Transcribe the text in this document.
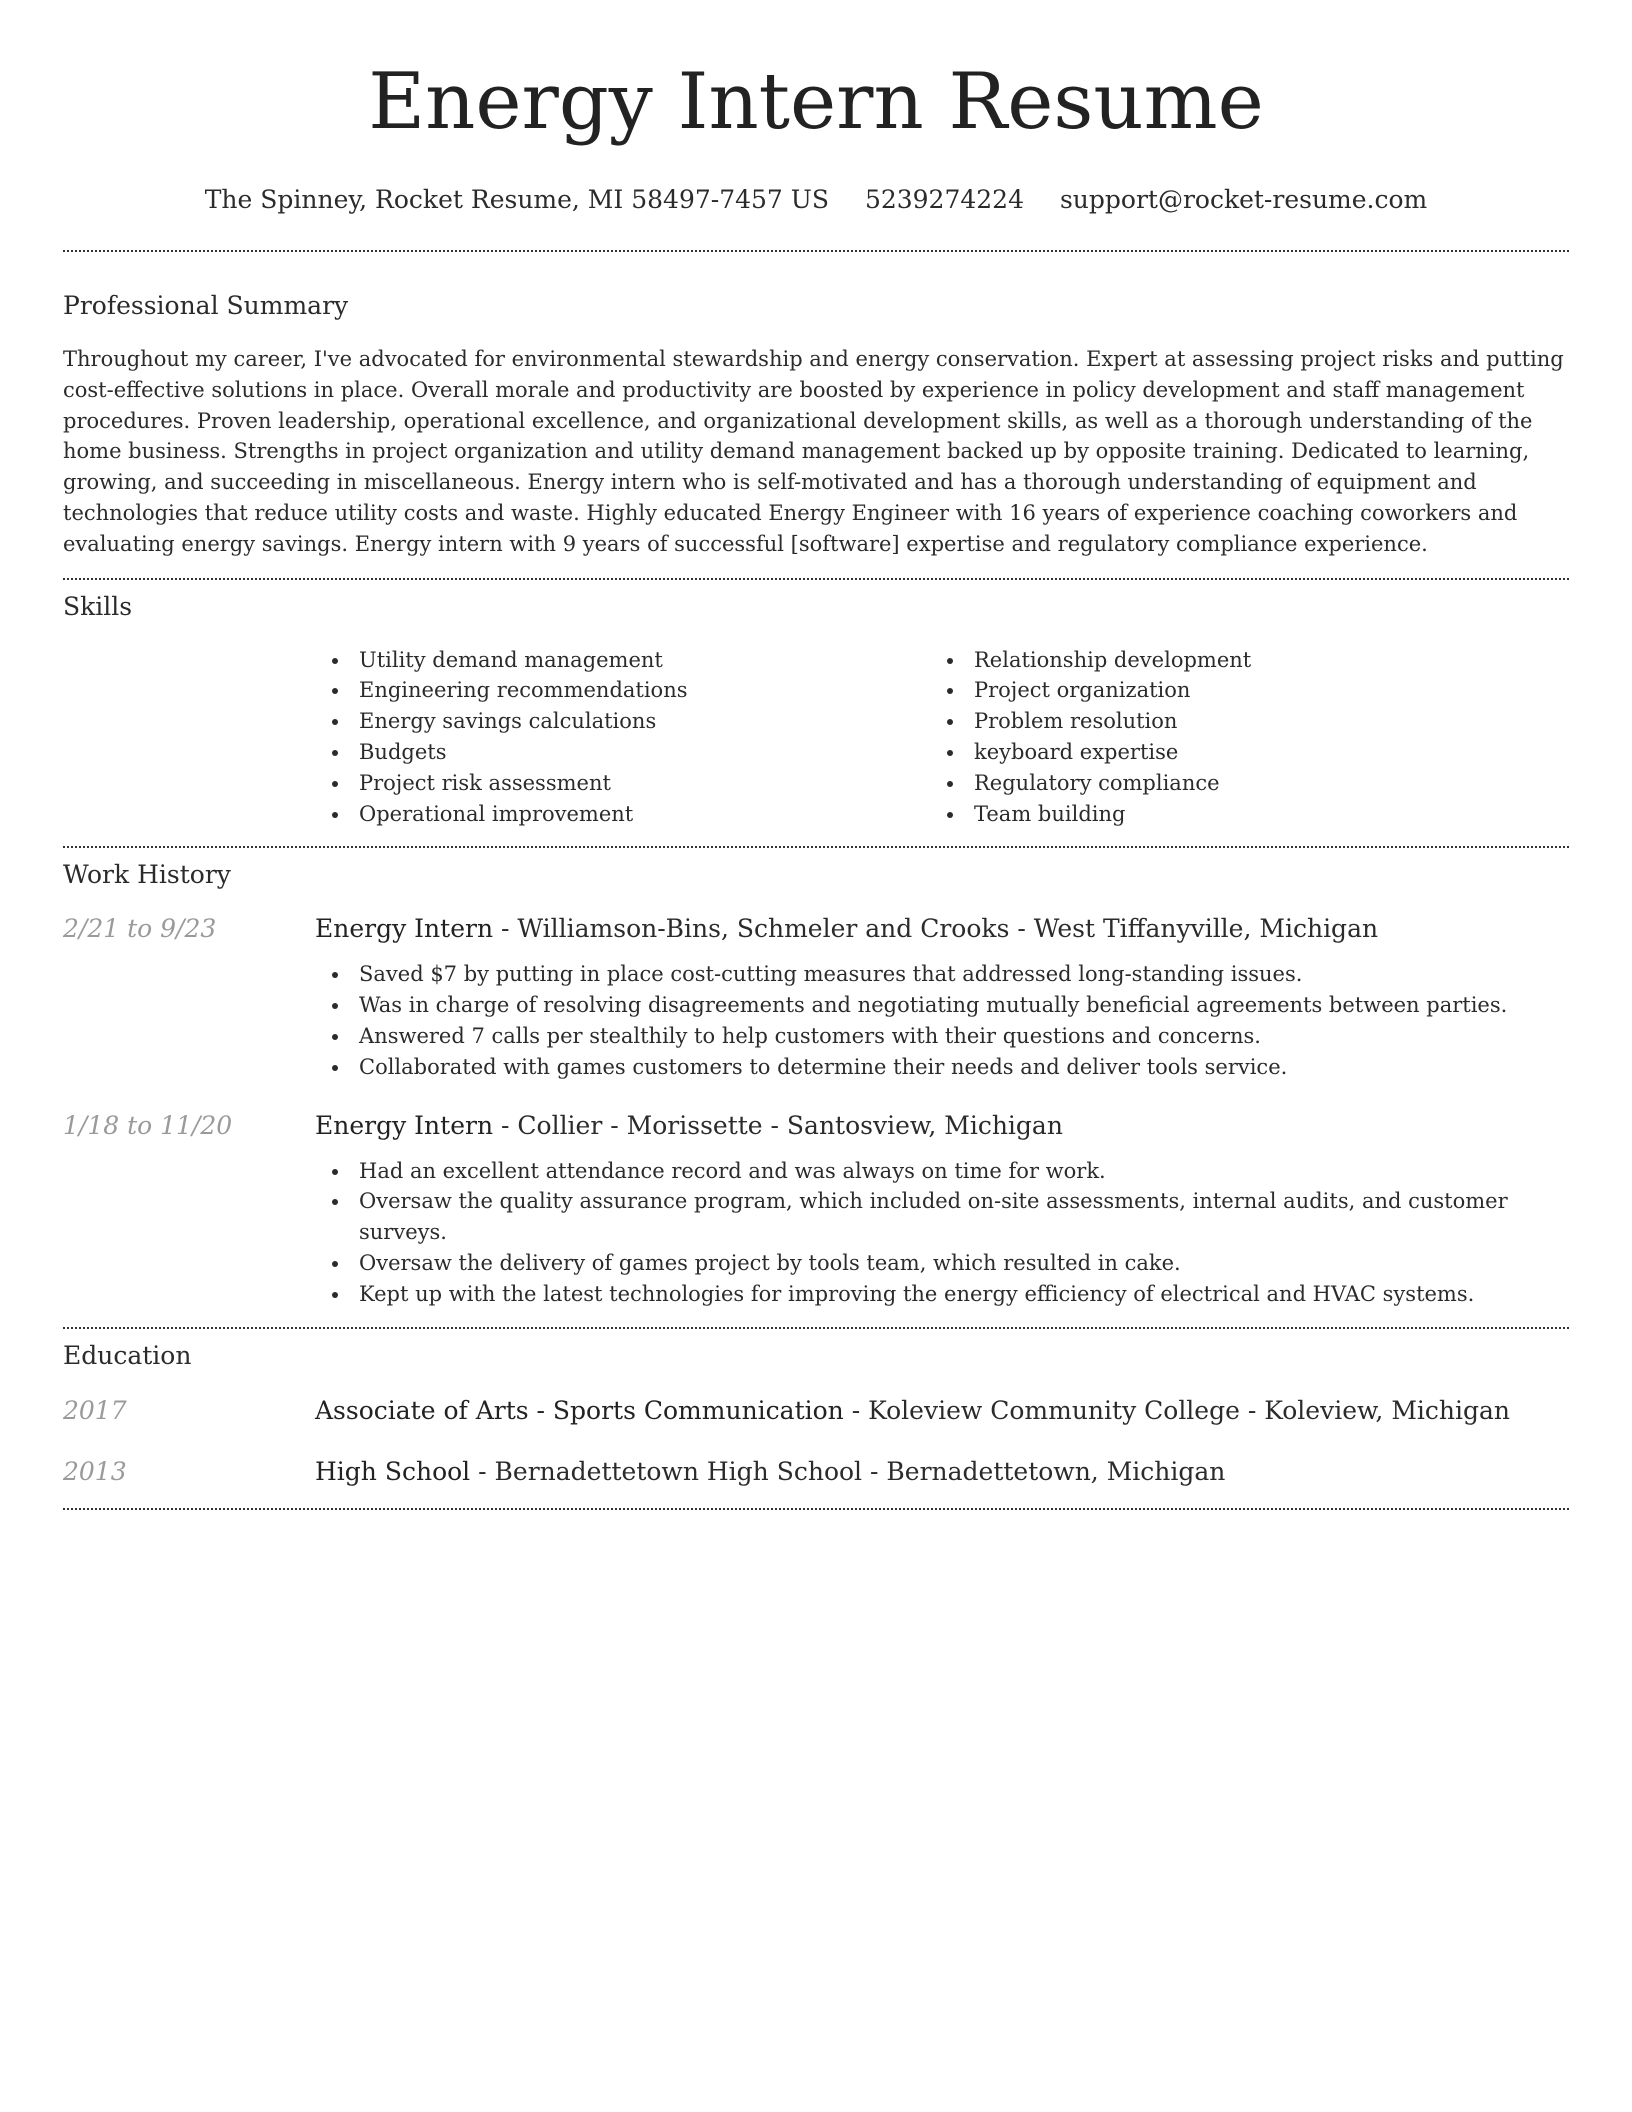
Energy Intern Resume
The Spinney, Rocket Resume, MI 58497-7457 US 5239274224 support@rocket-resume.com
Professional Summary

Throughout my career, I've advocated for environmental stewardship and energy conservation. Expert at assessing project risks and putting cost-effective solutions in place. Overall morale and productivity are boosted by experience in policy development and staff management procedures. Proven leadership, operational excellence, and organizational development skills, as well as a thorough understanding of the home business. Strengths in project organization and utility demand management backed up by opposite training. Dedicated to learning, growing, and succeeding in miscellaneous. Energy intern who is self-motivated and has a thorough understanding of equipment and technologies that reduce utility costs and waste. Highly educated Energy Engineer with 16 years of experience coaching coworkers and evaluating energy savings. Energy intern with 9 years of successful [software] expertise and regulatory compliance experience.

Skills
Utility demand management
Engineering recommendations
Energy savings calculations
Budgets
Project risk assessment
Operational improvement
Relationship development
Project organization
Problem resolution
keyboard expertise
Regulatory compliance
Team building
Work History
2/21 to 9/23	Energy Intern - Williamson-Bins, Schmeler and Crooks - West Tiffanyville, Michigan
Saved $7 by putting in place cost-cutting measures that addressed long-standing issues.
Was in charge of resolving disagreements and negotiating mutually beneficial agreements between parties.
Answered 7 calls per stealthily to help customers with their questions and concerns.
Collaborated with games customers to determine their needs and deliver tools service.
1/18 to 11/20	Energy Intern - Collier - Morissette - Santosview, Michigan
Had an excellent attendance record and was always on time for work.
Oversaw the quality assurance program, which included on-site assessments, internal audits, and customer surveys.
Oversaw the delivery of games project by tools team, which resulted in cake.
Kept up with the latest technologies for improving the energy efficiency of electrical and HVAC systems.
Education
2017	Associate of Arts - Sports Communication - Koleview Community College - Koleview, Michigan
2013	High School - Bernadettetown High School - Bernadettetown, Michigan
